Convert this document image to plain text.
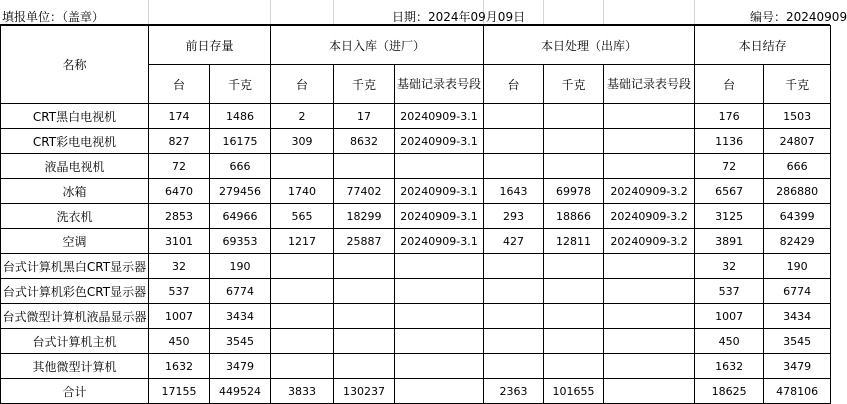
填报单位：（盖章）	日期：2024年09月09日	编号：20240909
名称	前日存量		本日入库（进厂）			本日处理（出库）			本日结存	
	台	千克	台	千克	基础记录表号段	台	千克	基础记录表号段	台	千克
CRT黑白电视机	174	1486	2	17	20240909-3.1				176	1503
CRT彩电电视机	827	16175	309	8632	20240909-3.1				1136	24807
液晶电视机	72	666							72	666
冰箱	6470	279456	1740	77402	20240909-3.1	1643	69978	20240909-3.2	6567	286880
洗衣机	2853	64966	565	18299	20240909-3.1	293	18866	20240909-3.2	3125	64399
空调	3101	69353	1217	25887	20240909-3.1	427	12811	20240909-3.2	3891	82429
台式计算机黑白CRT显示器	32	190							32	190
台式计算机彩色CRT显示器	537	6774							537	6774
台式微型计算机液晶显示器	1007	3434							1007	3434
台式计算机主机	450	3545							450	3545
其他微型计算机	1632	3479							1632	3479
合计	17155	449524	3833	130237		2363	101655		18625	478106
